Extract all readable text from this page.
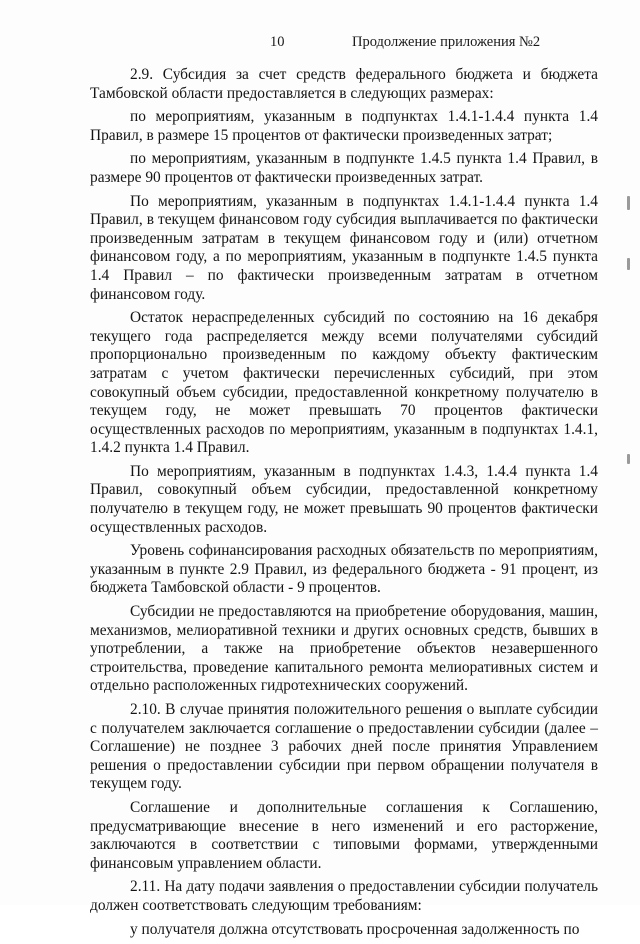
10	Продолжение приложения №2

2.9. Субсидия за счет средств федерального бюджета и бюджета Тамбовской области предоставляется в следующих размерах:

по мероприятиям, указанным в подпунктах 1.4.1-1.4.4 пункта 1.4 Правил, в размере 15 процентов от фактически произведенных затрат;

по мероприятиям, указанным в подпункте 1.4.5 пункта 1.4 Правил, в размере 90 процентов от фактически произведенных затрат.

По мероприятиям, указанным в подпунктах 1.4.1-1.4.4 пункта 1.4 Правил, в текущем финансовом году субсидия выплачивается по фактически произведенным затратам в текущем финансовом году и (или) отчетном финансовом году, а по мероприятиям, указанным в подпункте 1.4.5 пункта 1.4 Правил – по фактически произведенным затратам в отчетном финансовом году.

Остаток нераспределенных субсидий по состоянию на 16 декабря текущего года распределяется между всеми получателями субсидий пропорционально произведенным по каждому объекту фактическим затратам с учетом фактически перечисленных субсидий, при этом совокупный объем субсидии, предоставленной конкретному получателю в текущем году, не может превышать 70 процентов фактически осуществленных расходов по мероприятиям, указанным в подпунктах 1.4.1, 1.4.2 пункта 1.4 Правил.

По мероприятиям, указанным в подпунктах 1.4.3, 1.4.4 пункта 1.4 Правил, совокупный объем субсидии, предоставленной конкретному получателю в текущем году, не может превышать 90 процентов фактически осуществленных расходов.

Уровень софинансирования расходных обязательств по мероприятиям, указанным в пункте 2.9 Правил, из федерального бюджета - 91 процент, из бюджета Тамбовской области - 9 процентов.

Субсидии не предоставляются на приобретение оборудования, машин, механизмов, мелиоративной техники и других основных средств, бывших в употреблении, а также на приобретение объектов незавершенного строительства, проведение капитального ремонта мелиоративных систем и отдельно расположенных гидротехнических сооружений.

2.10. В случае принятия положительного решения о выплате субсидии с получателем заключается соглашение о предоставлении субсидии (далее – Соглашение) не позднее 3 рабочих дней после принятия Управлением решения о предоставлении субсидии при первом обращении получателя в текущем году.

Соглашение и дополнительные соглашения к Соглашению, предусматривающие внесение в него изменений и его расторжение, заключаются в соответствии с типовыми формами, утвержденными финансовым управлением области.

2.11. На дату подачи заявления о предоставлении субсидии получатель должен соответствовать следующим требованиям:

у получателя должна отсутствовать просроченная задолженность по
